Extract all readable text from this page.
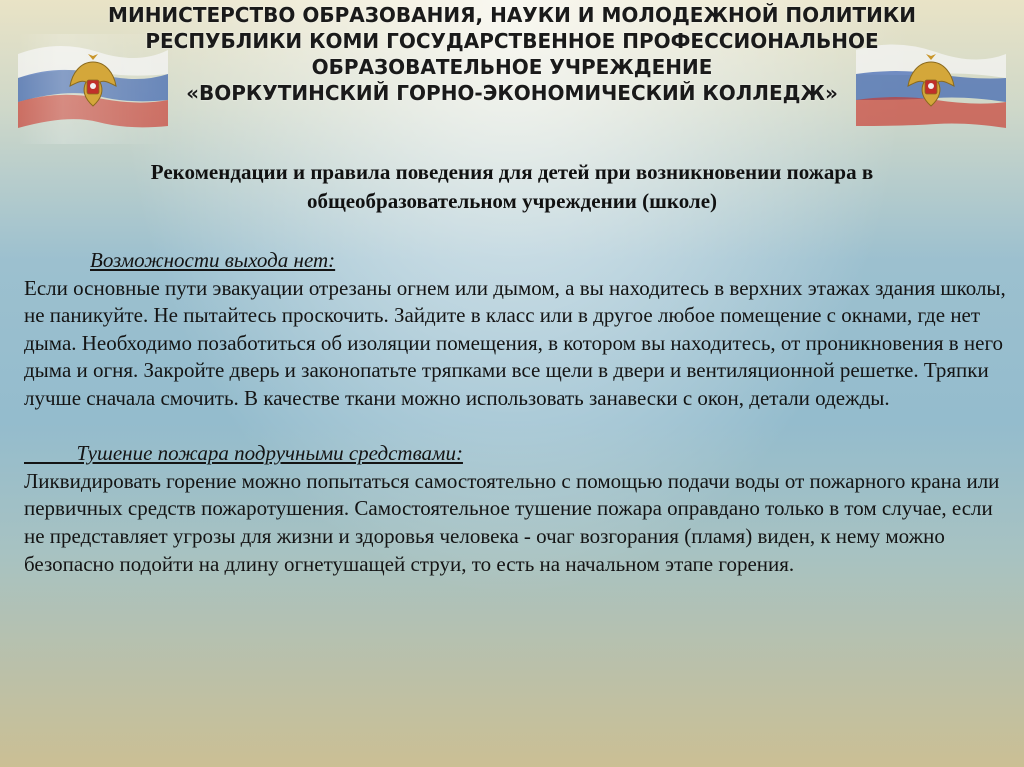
МИНИСТЕРСТВО ОБРАЗОВАНИЯ, НАУКИ И МОЛОДЕЖНОЙ ПОЛИТИКИ
РЕСПУБЛИКИ КОМИ ГОСУДАРСТВЕННОЕ ПРОФЕССИОНАЛЬНОЕ
ОБРАЗОВАТЕЛЬНОЕ УЧРЕЖДЕНИЕ
«ВОРКУТИНСКИЙ ГОРНО-ЭКОНОМИЧЕСКИЙ КОЛЛЕДЖ»
Рекомендации и правила поведения для детей при возникновении пожара в
общеобразовательном учреждении (школе)
Возможности выхода нет:
Если основные пути эвакуации отрезаны огнем или дымом, а вы находитесь в верхних этажах здания школы, не паникуйте. Не пытайтесь проскочить. Зайдите в класс или в другое любое помещение с окнами, где нет дыма. Необходимо позаботиться об изоляции помещения, в котором вы находитесь, от проникновения в него дыма и огня. Закройте дверь и законопатьте тряпками все щели в двери и вентиляционной решетке. Тряпки лучше сначала смочить. В качестве ткани можно использовать занавески с окон, детали одежды.
Тушение пожара подручными средствами:
Ликвидировать горение можно попытаться самостоятельно с помощью подачи воды от пожарного крана или первичных средств пожаротушения. Самостоятельное тушение пожара оправдано только в том случае, если не представляет угрозы для жизни и здоровья человека - очаг возгорания (пламя) виден, к нему можно безопасно подойти на длину огнетушащей струи, то есть на начальном этапе горения.
